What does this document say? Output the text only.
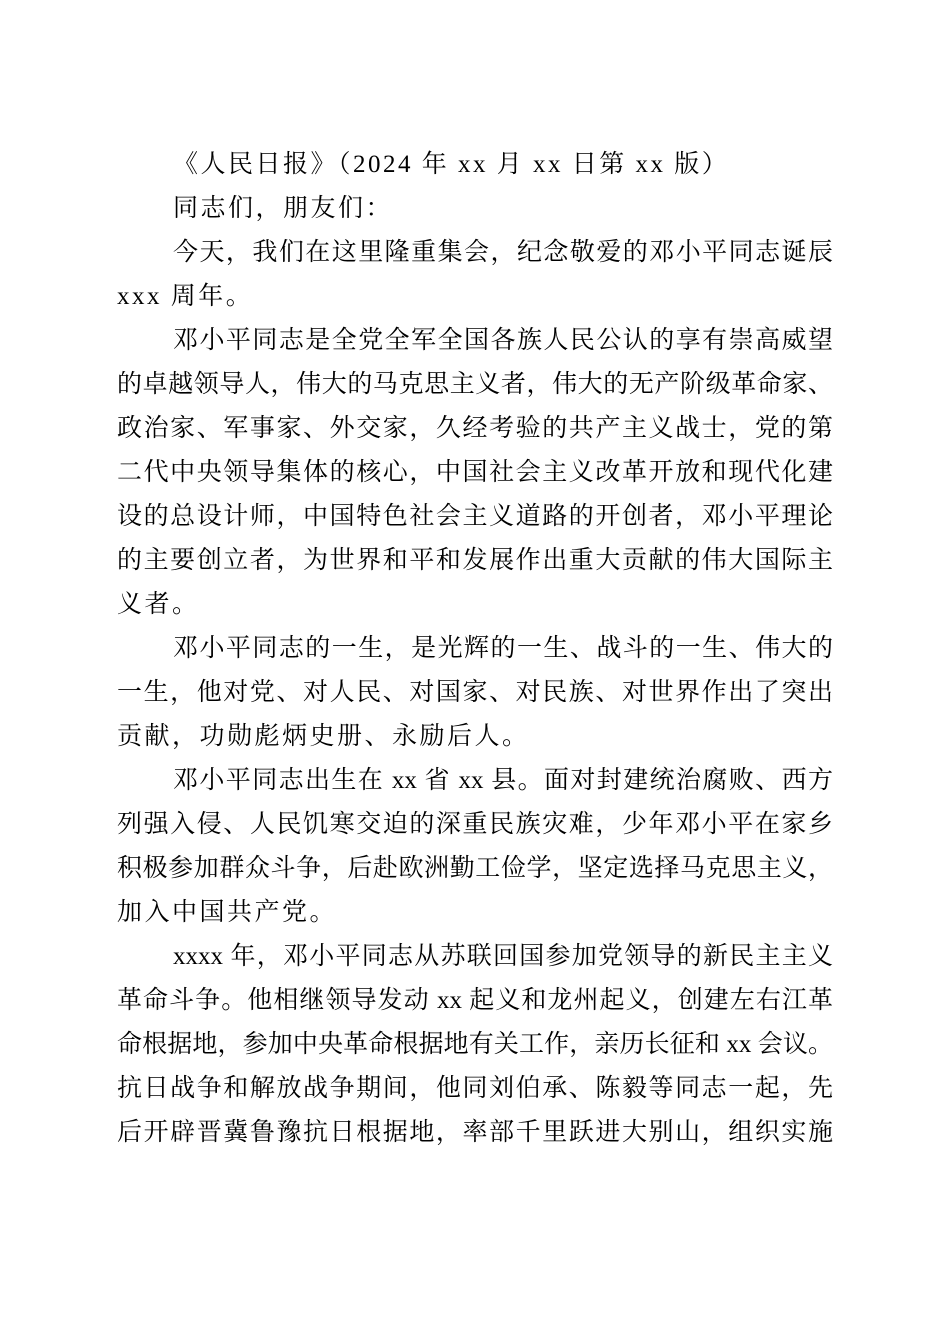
《人民日报》（2024 年 xx 月 xx 日第 xx 版）
同志们，朋友们：
今天，我们在这里隆重集会，纪念敬爱的邓小平同志诞辰
xxx 周年。
邓小平同志是全党全军全国各族人民公认的享有崇高威望
的卓越领导人，伟大的马克思主义者，伟大的无产阶级革命家、
政治家、军事家、外交家，久经考验的共产主义战士，党的第
二代中央领导集体的核心，中国社会主义改革开放和现代化建
设的总设计师，中国特色社会主义道路的开创者，邓小平理论
的主要创立者，为世界和平和发展作出重大贡献的伟大国际主
义者。
邓小平同志的一生，是光辉的一生、战斗的一生、伟大的
一生，他对党、对人民、对国家、对民族、对世界作出了突出
贡献，功勋彪炳史册、永励后人。
邓小平同志出生在 xx 省 xx 县。面对封建统治腐败、西方
列强入侵、人民饥寒交迫的深重民族灾难，少年邓小平在家乡
积极参加群众斗争，后赴欧洲勤工俭学，坚定选择马克思主义，
加入中国共产党。
xxxx 年，邓小平同志从苏联回国参加党领导的新民主主义
革命斗争。他相继领导发动 xx 起义和龙州起义，创建左右江革
命根据地，参加中央革命根据地有关工作，亲历长征和 xx 会议。
抗日战争和解放战争期间，他同刘伯承、陈毅等同志一起，先
后开辟晋冀鲁豫抗日根据地，率部千里跃进大别山，组织实施
